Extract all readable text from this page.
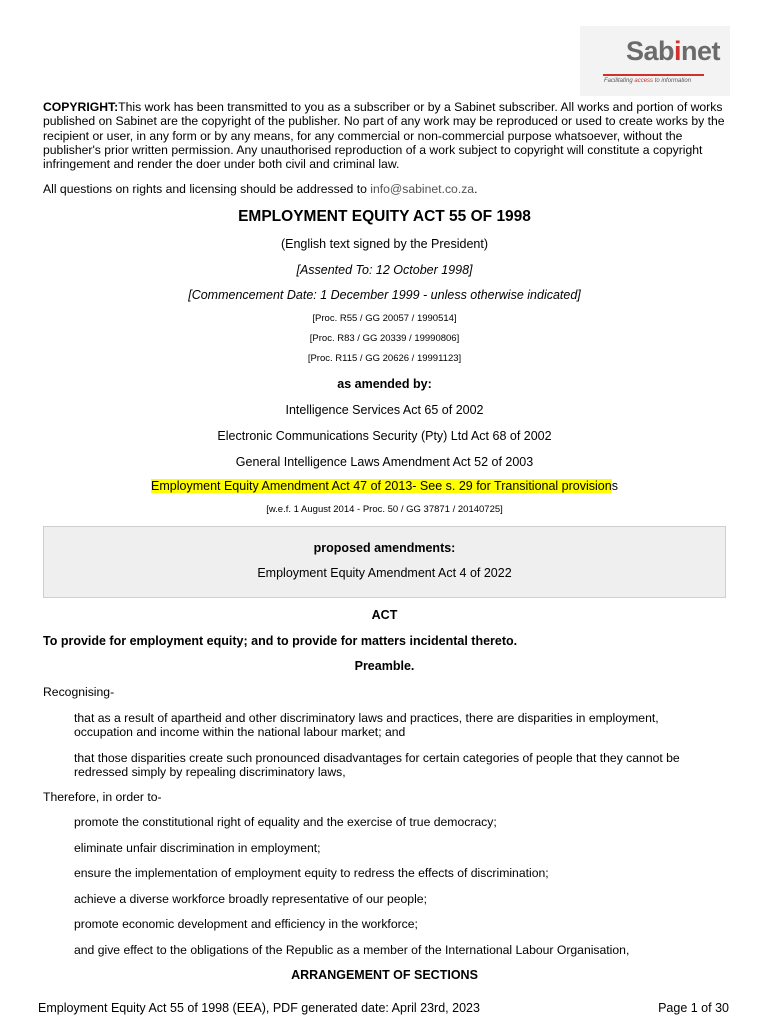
Sabinet
Facilitating access to information
COPYRIGHT:This work has been transmitted to you as a subscriber or by a Sabinet subscriber. All works and portion of works published on Sabinet are the copyright of the publisher. No part of any work may be reproduced or used to create works by the recipient or user, in any form or by any means, for any commercial or non-commercial purpose whatsoever, without the publisher's prior written permission. Any unauthorised reproduction of a work subject to copyright will constitute a copyright infringement and render the doer under both civil and criminal law.
All questions on rights and licensing should be addressed to info@sabinet.co.za.
EMPLOYMENT EQUITY ACT 55 OF 1998
(English text signed by the President)
[Assented To: 12 October 1998]
[Commencement Date: 1 December 1999 - unless otherwise indicated]
[Proc. R55 / GG 20057 / 1990514]
[Proc. R83 / GG 20339 / 19990806]
[Proc. R115 / GG 20626 / 19991123]
as amended by:
Intelligence Services Act 65 of 2002
Electronic Communications Security (Pty) Ltd Act 68 of 2002
General Intelligence Laws Amendment Act 52 of 2003
Employment Equity Amendment Act 47 of 2013- See s. 29 for Transitional provisions
[w.e.f. 1 August 2014 - Proc. 50 / GG 37871 / 20140725]
proposed amendments:
Employment Equity Amendment Act 4 of 2022
ACT
To provide for employment equity; and to provide for matters incidental thereto.
Preamble.
Recognising-
that as a result of apartheid and other discriminatory laws and practices, there are disparities in employment, occupation and income within the national labour market; and
that those disparities create such pronounced disadvantages for certain categories of people that they cannot be redressed simply by repealing discriminatory laws,
Therefore, in order to-
promote the constitutional right of equality and the exercise of true democracy;
eliminate unfair discrimination in employment;
ensure the implementation of employment equity to redress the effects of discrimination;
achieve a diverse workforce broadly representative of our people;
promote economic development and efficiency in the workforce;
and give effect to the obligations of the Republic as a member of the International Labour Organisation,
ARRANGEMENT OF SECTIONS
Employment Equity Act 55 of 1998 (EEA), PDF generated date: April 23rd, 2023	Page 1 of 30
